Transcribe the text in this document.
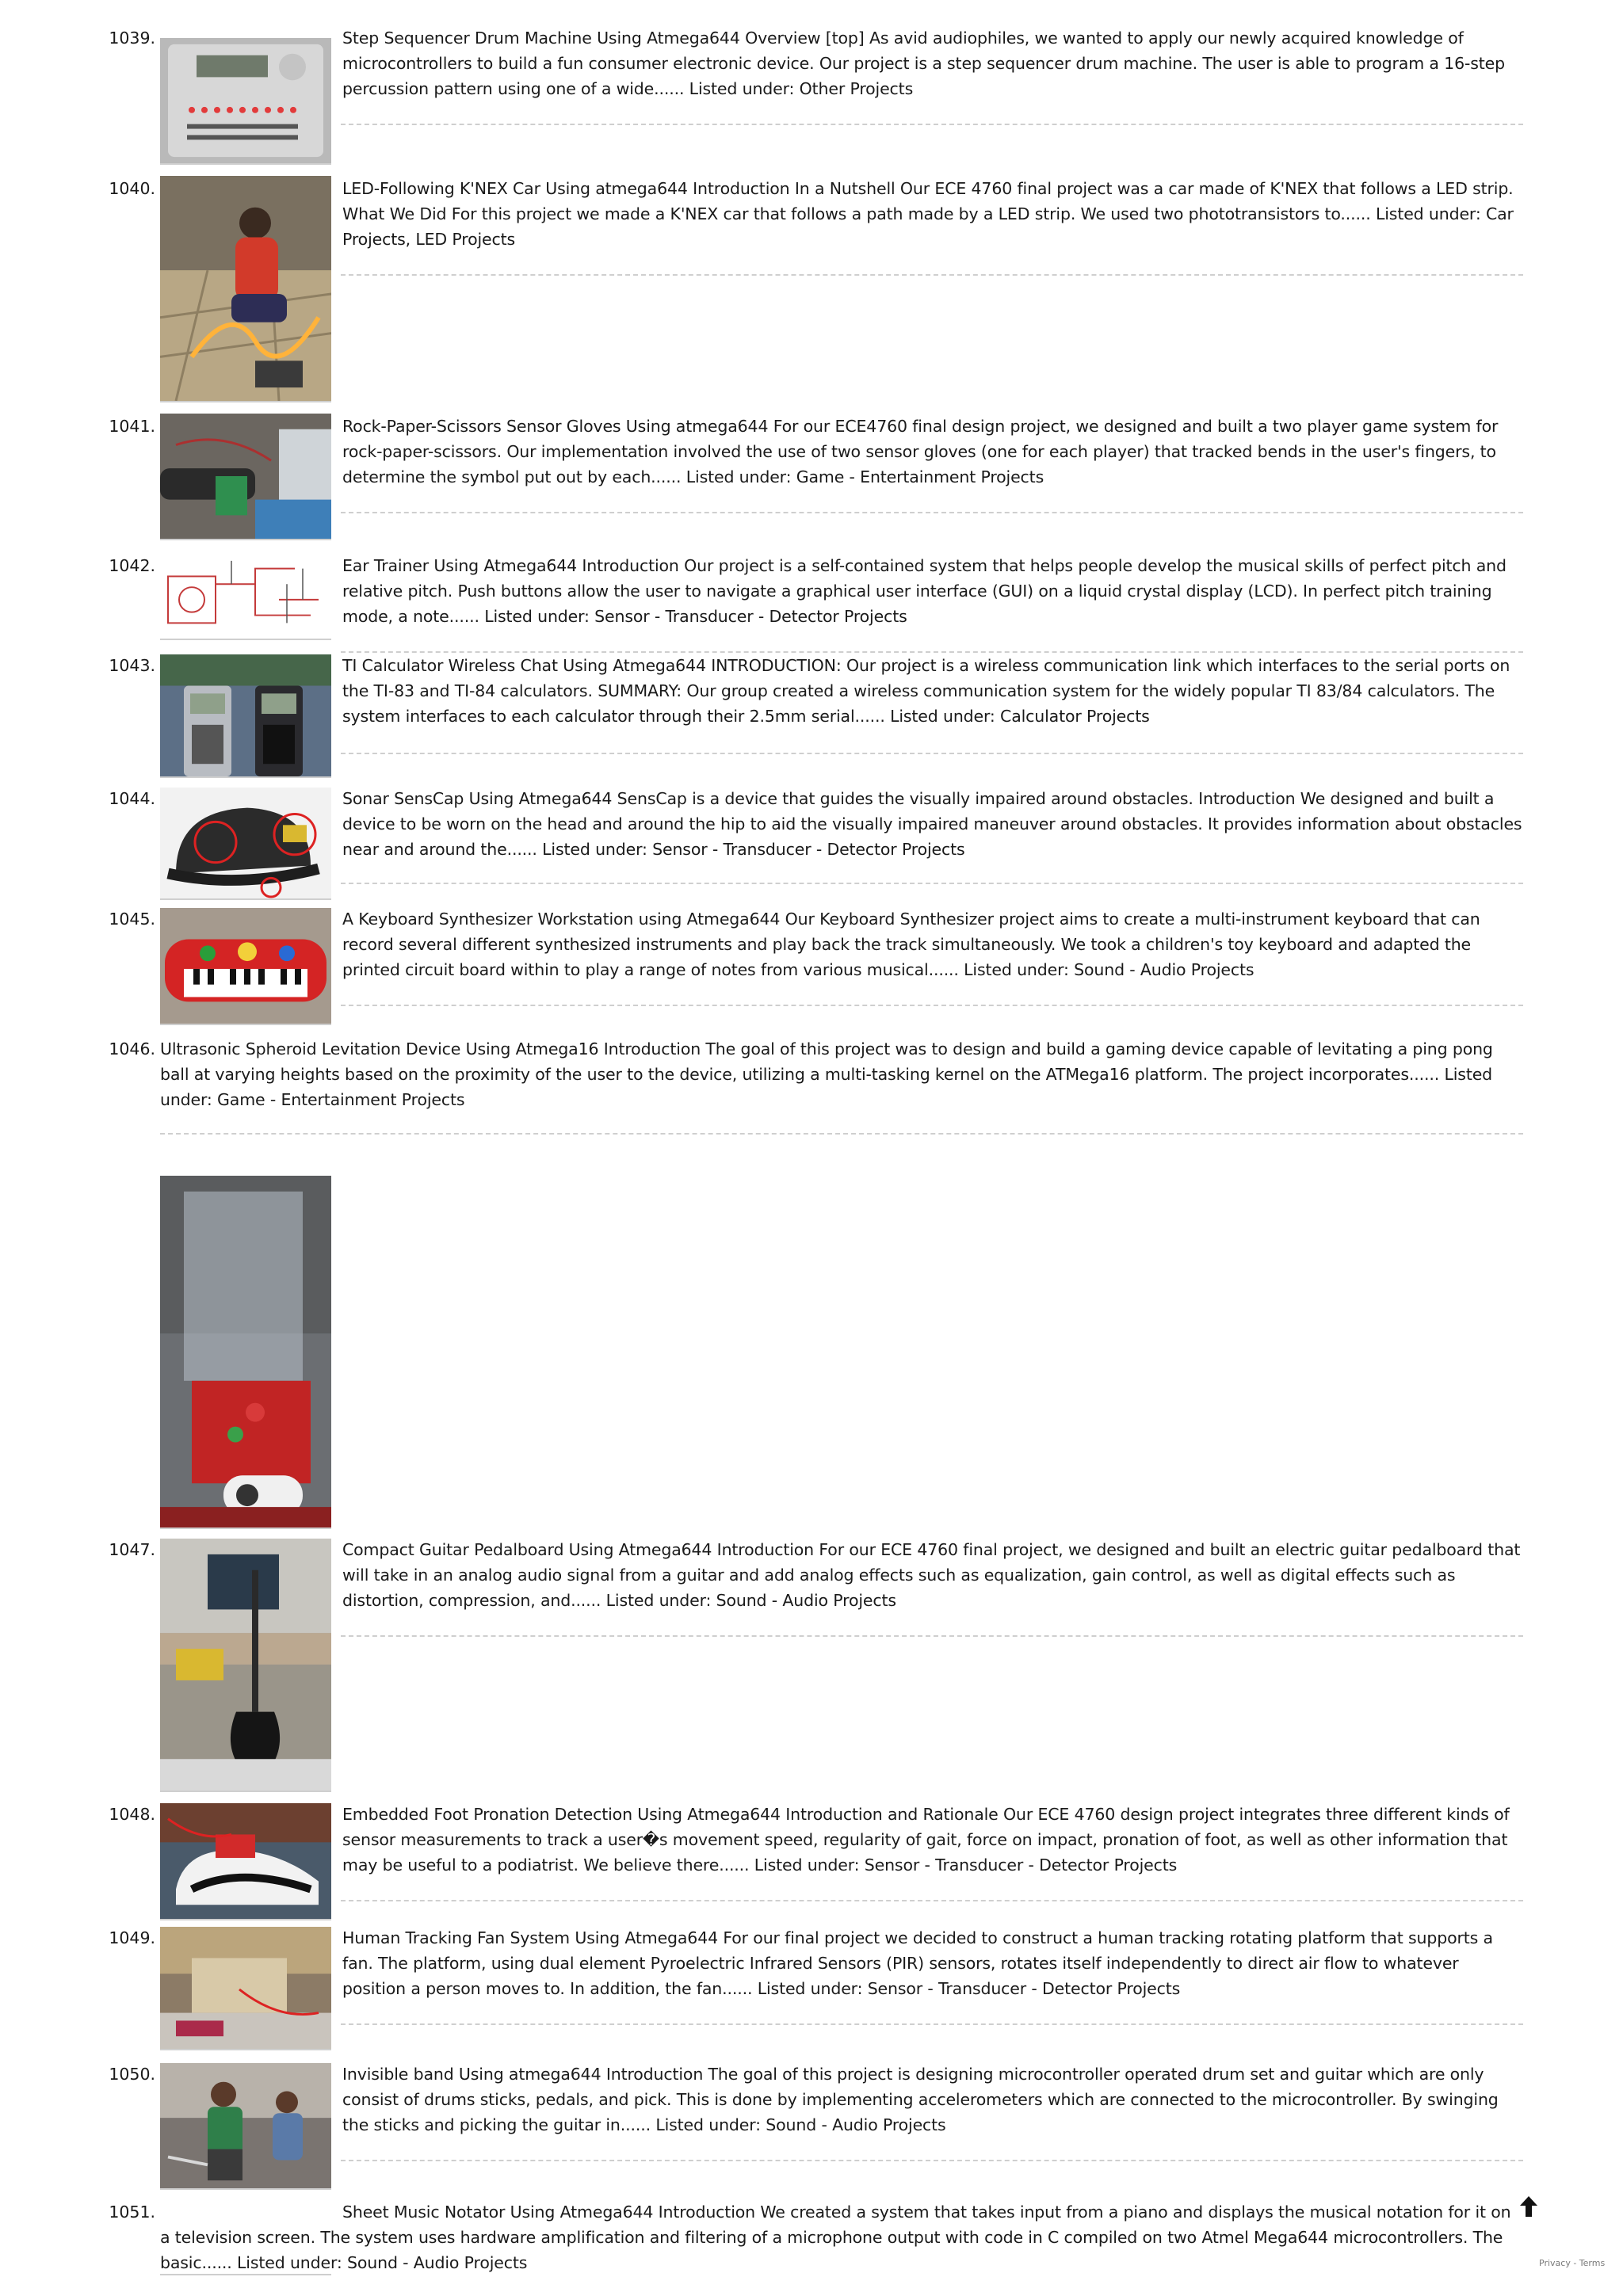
1039.	Step Sequencer Drum Machine Using Atmega644 Overview [top] As avid audiophiles, we wanted to apply our newly acquired knowledge of microcontrollers to build a fun consumer electronic device. Our project is a step sequencer drum machine. The user is able to program a 16-step percussion pattern using one of a wide...... Listed under: Other Projects
1040.	LED-Following K'NEX Car Using atmega644 Introduction In a Nutshell Our ECE 4760 final project was a car made of K'NEX that follows a LED strip. What We Did For this project we made a K'NEX car that follows a path made by a LED strip. We used two phototransistors to...... Listed under: Car Projects, LED Projects
1041.	Rock-Paper-Scissors Sensor Gloves Using atmega644 For our ECE4760 final design project, we designed and built a two player game system for rock-paper-scissors. Our implementation involved the use of two sensor gloves (one for each player) that tracked bends in the user's fingers, to determine the symbol put out by each...... Listed under: Game - Entertainment Projects
1042.	Ear Trainer Using Atmega644 Introduction Our project is a self-contained system that helps people develop the musical skills of perfect pitch and relative pitch. Push buttons allow the user to navigate a graphical user interface (GUI) on a liquid crystal display (LCD). In perfect pitch training mode, a note...... Listed under: Sensor - Transducer - Detector Projects
1043.	TI Calculator Wireless Chat Using Atmega644 INTRODUCTION: Our project is a wireless communication link which interfaces to the serial ports on the TI-83 and TI-84 calculators. SUMMARY: Our group created a wireless communication system for the widely popular TI 83/84 calculators. The system interfaces to each calculator through their 2.5mm serial...... Listed under: Calculator Projects
1044.	Sonar SensCap Using Atmega644 SensCap is a device that guides the visually impaired around obstacles. Introduction We designed and built a device to be worn on the head and around the hip to aid the visually impaired maneuver around obstacles. It provides information about obstacles near and around the...... Listed under: Sensor - Transducer - Detector Projects
1045.	A Keyboard Synthesizer Workstation using Atmega644 Our Keyboard Synthesizer project aims to create a multi-instrument keyboard that can record several different synthesized instruments and play back the track simultaneously. We took a children's toy keyboard and adapted the printed circuit board within to play a range of notes from various musical...... Listed under: Sound - Audio Projects
1046. Ultrasonic Spheroid Levitation Device Using Atmega16 Introduction The goal of this project was to design and build a gaming device capable of levitating a ping pong ball at varying heights based on the proximity of the user to the device, utilizing a multi-tasking kernel on the ATMega16 platform. The project incorporates...... Listed under: Game - Entertainment Projects
1047.	Compact Guitar Pedalboard Using Atmega644 Introduction For our ECE 4760 final project, we designed and built an electric guitar pedalboard that will take in an analog audio signal from a guitar and add analog effects such as equalization, gain control, as well as digital effects such as distortion, compression, and...... Listed under: Sound - Audio Projects
1048.	Embedded Foot Pronation Detection Using Atmega644 Introduction and Rationale Our ECE 4760 design project integrates three different kinds of sensor measurements to track a user�s movement speed, regularity of gait, force on impact, pronation of foot, as well as other information that may be useful to a podiatrist. We believe there...... Listed under: Sensor - Transducer - Detector Projects
1049.	Human Tracking Fan System Using Atmega644 For our final project we decided to construct a human tracking rotating platform that supports a fan. The platform, using dual element Pyroelectric Infrared Sensors (PIR) sensors, rotates itself independently to direct air flow to whatever position a person moves to. In addition, the fan...... Listed under: Sensor - Transducer - Detector Projects
1050.	Invisible band Using atmega644 Introduction The goal of this project is designing microcontroller operated drum set and guitar which are only consist of drums sticks, pedals, and pick. This is done by implementing accelerometers which are connected to the microcontroller. By swinging the sticks and picking the guitar in...... Listed under: Sound - Audio Projects
1051.	Sheet Music Notator Using Atmega644 Introduction We created a system that takes input from a piano and displays the musical notation for it on a television screen. The system uses hardware amplification and filtering of a microphone output with code in C compiled on two Atmel Mega644 microcontrollers. The basic...... Listed under: Sound - Audio Projects	Privacy - Terms
